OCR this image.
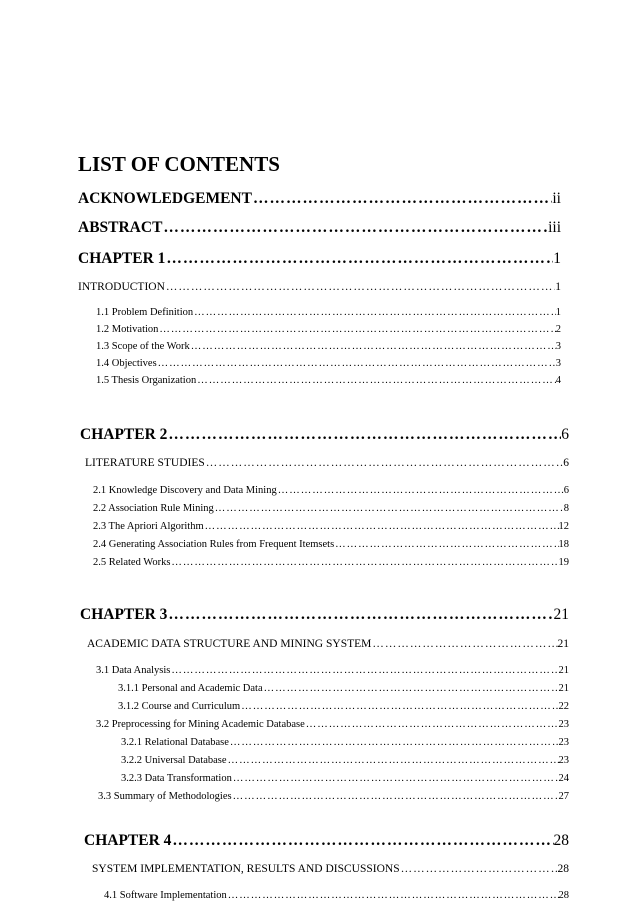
LIST OF CONTENTS
ACKNOWLEDGEMENT ……………………………………………………………………………………………………………………………………………………………………………………………	ii
ABSTRACT ……………………………………………………………………………………………………………………………………………………………………………………………	iii
CHAPTER 1 ……………………………………………………………………………………………………………………………………………………………………………………………	1
INTRODUCTION ……………………………………………………………………………………………………………………………………………………………………………………………	1
1.1 Problem Definition ……………………………………………………………………………………………………………………………………………………………………………………………	1
1.2 Motivation ……………………………………………………………………………………………………………………………………………………………………………………………	2
1.3 Scope of the Work ……………………………………………………………………………………………………………………………………………………………………………………………	3
1.4 Objectives ……………………………………………………………………………………………………………………………………………………………………………………………	3
1.5 Thesis Organization ……………………………………………………………………………………………………………………………………………………………………………………………	4
CHAPTER 2 ……………………………………………………………………………………………………………………………………………………………………………………………	6
LITERATURE STUDIES ……………………………………………………………………………………………………………………………………………………………………………………………	6
2.1 Knowledge Discovery and Data Mining ……………………………………………………………………………………………………………………………………………………………………………………………	6
2.2 Association Rule Mining ……………………………………………………………………………………………………………………………………………………………………………………………	8
2.3 The Apriori Algorithm ……………………………………………………………………………………………………………………………………………………………………………………………	12
2.4 Generating Association Rules from Frequent Itemsets ……………………………………………………………………………………………………………………………………………………………………………………………	18
2.5 Related Works ……………………………………………………………………………………………………………………………………………………………………………………………	19
CHAPTER 3 ……………………………………………………………………………………………………………………………………………………………………………………………	21
ACADEMIC DATA STRUCTURE AND MINING SYSTEM ……………………………………………………………………………………………………………………………………………………………………………………………	21
3.1 Data Analysis ……………………………………………………………………………………………………………………………………………………………………………………………	21
3.1.1 Personal and Academic Data ……………………………………………………………………………………………………………………………………………………………………………………………	21
3.1.2 Course and Curriculum ……………………………………………………………………………………………………………………………………………………………………………………………	22
3.2 Preprocessing for Mining Academic Database ……………………………………………………………………………………………………………………………………………………………………………………………	23
3.2.1 Relational Database ……………………………………………………………………………………………………………………………………………………………………………………………	23
3.2.2 Universal Database ……………………………………………………………………………………………………………………………………………………………………………………………	23
3.2.3 Data Transformation ……………………………………………………………………………………………………………………………………………………………………………………………	24
3.3 Summary of Methodologies ……………………………………………………………………………………………………………………………………………………………………………………………	27
CHAPTER 4 ……………………………………………………………………………………………………………………………………………………………………………………………	28
SYSTEM IMPLEMENTATION, RESULTS AND DISCUSSIONS ……………………………………………………………………………………………………………………………………………………………………………………………	28
4.1 Software Implementation ……………………………………………………………………………………………………………………………………………………………………………………………	28
